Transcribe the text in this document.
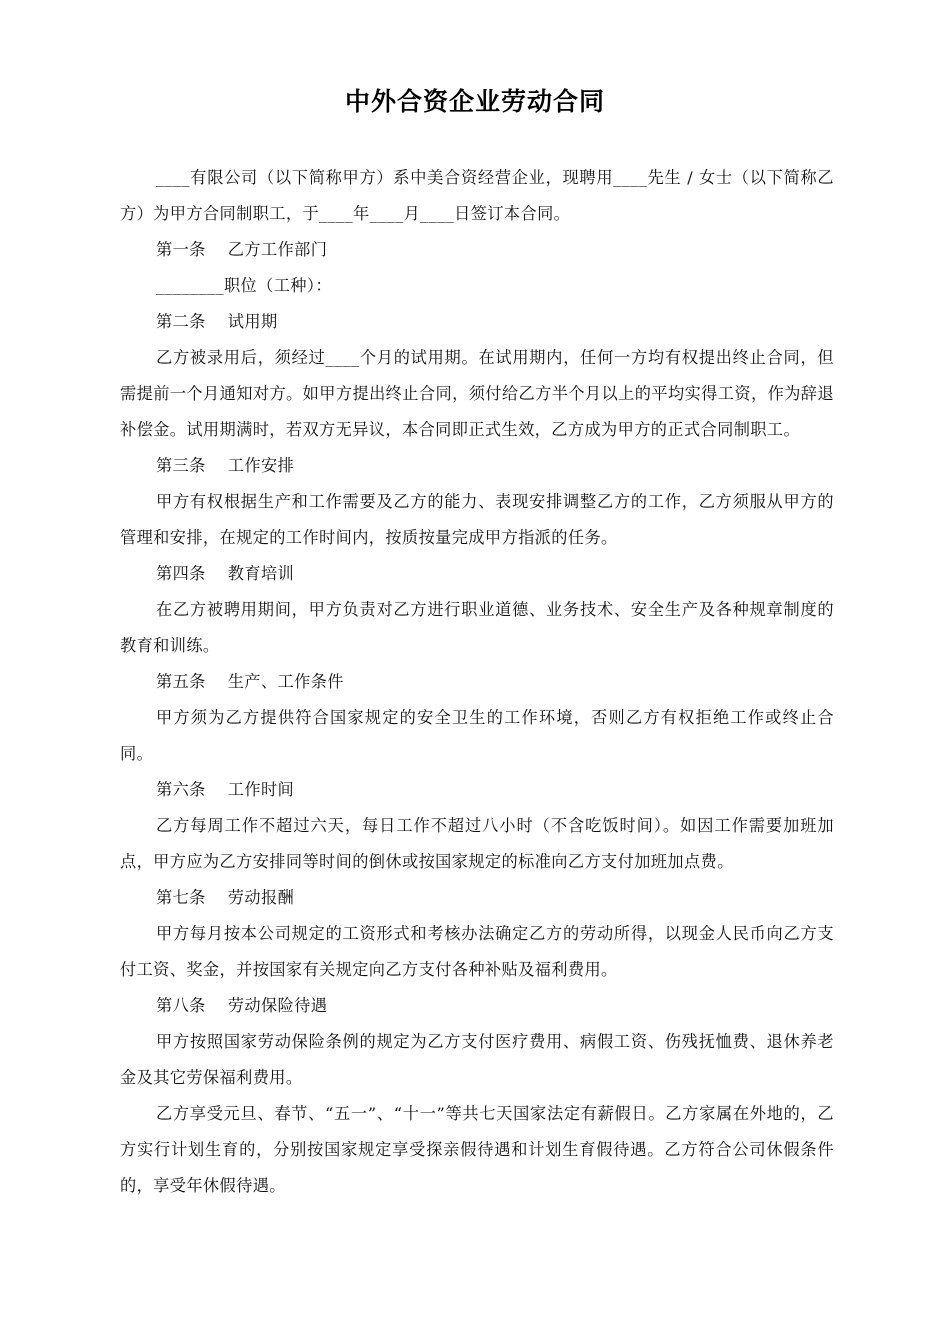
中外合资企业劳动合同

____有限公司（以下简称甲方）系中美合资经营企业，现聘用____先生 / 女士（以下简称乙方）为甲方合同制职工，于____年____月____日签订本合同。

第一条 乙方工作部门

________职位（工种）：

第二条 试用期

乙方被录用后，须经过____个月的试用期。在试用期内，任何一方均有权提出终止合同，但需提前一个月通知对方。如甲方提出终止合同，须付给乙方半个月以上的平均实得工资，作为辞退补偿金。试用期满时，若双方无异议，本合同即正式生效，乙方成为甲方的正式合同制职工。

第三条 工作安排

甲方有权根据生产和工作需要及乙方的能力、表现安排调整乙方的工作，乙方须服从甲方的管理和安排，在规定的工作时间内，按质按量完成甲方指派的任务。

第四条 教育培训

在乙方被聘用期间，甲方负责对乙方进行职业道德、业务技术、安全生产及各种规章制度的教育和训练。

第五条 生产、工作条件

甲方须为乙方提供符合国家规定的安全卫生的工作环境，否则乙方有权拒绝工作或终止合同。

第六条 工作时间

乙方每周工作不超过六天，每日工作不超过八小时（不含吃饭时间）。如因工作需要加班加点，甲方应为乙方安排同等时间的倒休或按国家规定的标准向乙方支付加班加点费。

第七条 劳动报酬

甲方每月按本公司规定的工资形式和考核办法确定乙方的劳动所得，以现金人民币向乙方支付工资、奖金，并按国家有关规定向乙方支付各种补贴及福利费用。

第八条 劳动保险待遇

甲方按照国家劳动保险条例的规定为乙方支付医疗费用、病假工资、伤残抚恤费、退休养老金及其它劳保福利费用。

乙方享受元旦、春节、“五一”、“十一”等共七天国家法定有薪假日。乙方家属在外地的，乙方实行计划生育的，分别按国家规定享受探亲假待遇和计划生育假待遇。乙方符合公司休假条件的，享受年休假待遇。
